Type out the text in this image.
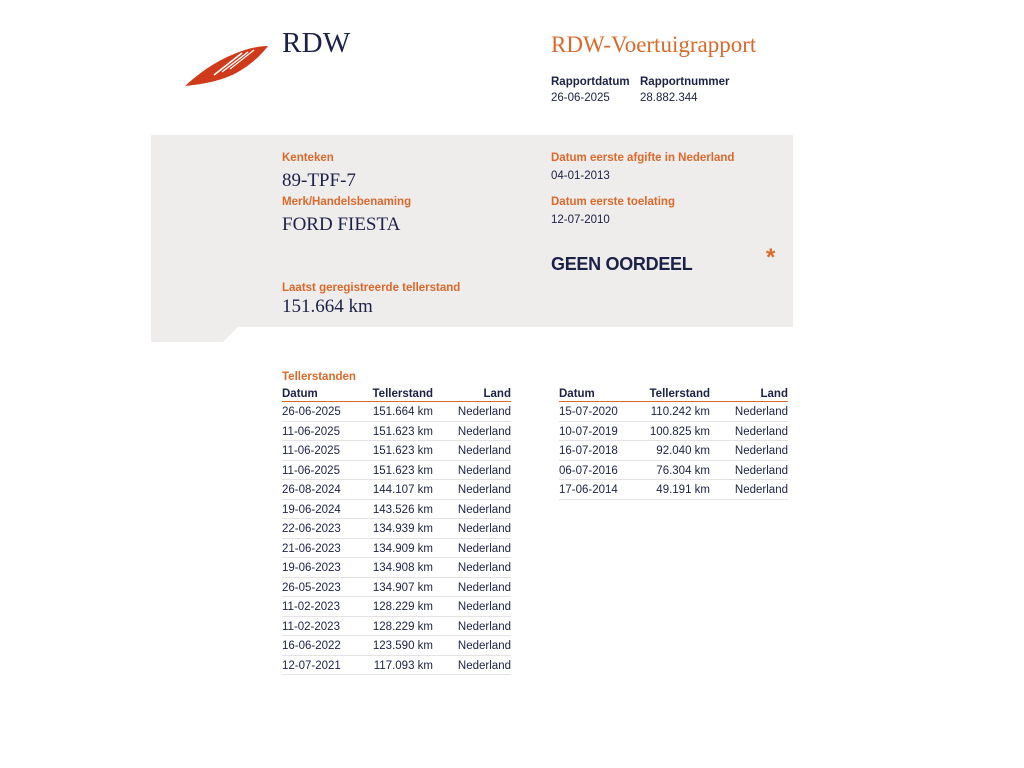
RDW	RDW-Voertuigrapport
Rapportdatum
26-06-2025
Rapportnummer
28.882.344
Kenteken
89-TPF-7
Merk/Handelsbenaming
FORD FIESTA
Datum eerste afgifte in Nederland
04-01-2013
Datum eerste toelating
12-07-2010
GEEN OORDEEL	*
Laatst geregistreerde tellerstand
151.664 km
Tellerstanden
Datum	Tellerstand	Land
26-06-2025	151.664 km Nederland
11-06-2025	151.623 km Nederland
11-06-2025	151.623 km Nederland
11-06-2025	151.623 km Nederland
26-08-2024	144.107 km Nederland
19-06-2024	143.526 km Nederland
22-06-2023	134.939 km Nederland
21-06-2023	134.909 km Nederland
19-06-2023	134.908 km Nederland
26-05-2023	134.907 km Nederland
11-02-2023	128.229 km Nederland
11-02-2023	128.229 km Nederland
16-06-2022	123.590 km Nederland
12-07-2021	117.093 km Nederland
Datum	Tellerstand	Land
15-07-2020	110.242 km Nederland
10-07-2019	100.825 km Nederland
16-07-2018	92.040 km Nederland
06-07-2016	76.304 km Nederland
17-06-2014	49.191 km Nederland
